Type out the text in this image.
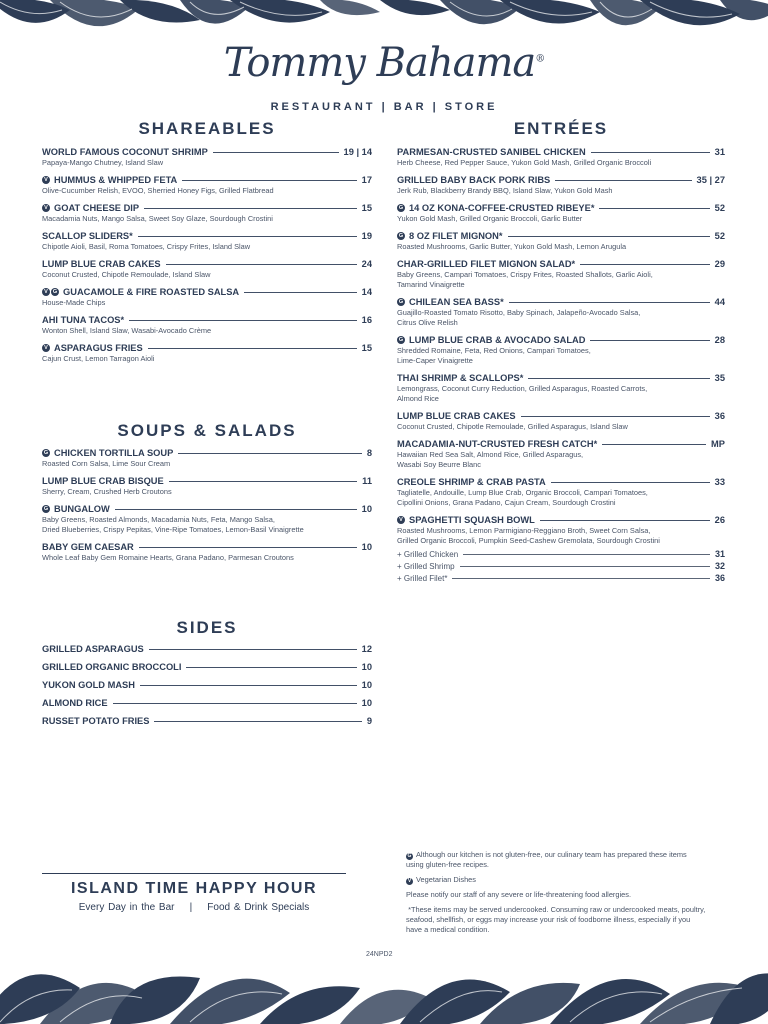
Tommy Bahama®
RESTAURANT | BAR | STORE
SHAREABLES
WORLD FAMOUS COCONUT SHRIMP	19 | 14
Papaya-Mango Chutney, Island Slaw
V HUMMUS & WHIPPED FETA	17
Olive-Cucumber Relish, EVOO, Sherried Honey Figs, Grilled Flatbread
V GOAT CHEESE DIP	15
Macadamia Nuts, Mango Salsa, Sweet Soy Glaze, Sourdough Crostini
SCALLOP SLIDERS*	19
Chipotle Aioli, Basil, Roma Tomatoes, Crispy Frites, Island Slaw
LUMP BLUE CRAB CAKES	24
Coconut Crusted, Chipotle Remoulade, Island Slaw
V G GUACAMOLE & FIRE ROASTED SALSA	14
House-Made Chips
AHI TUNA TACOS*	16
Wonton Shell, Island Slaw, Wasabi-Avocado Crème
V ASPARAGUS FRIES	15
Cajun Crust, Lemon Tarragon Aioli
SOUPS & SALADS
G CHICKEN TORTILLA SOUP	8
Roasted Corn Salsa, Lime Sour Cream
LUMP BLUE CRAB BISQUE	11
Sherry, Cream, Crushed Herb Croutons
G BUNGALOW	10
Baby Greens, Roasted Almonds, Macadamia Nuts, Feta, Mango Salsa,
Dried Blueberries, Crispy Pepitas, Vine-Ripe Tomatoes, Lemon-Basil Vinaigrette
BABY GEM CAESAR	10
Whole Leaf Baby Gem Romaine Hearts, Grana Padano, Parmesan Croutons
SIDES
GRILLED ASPARAGUS	12
GRILLED ORGANIC BROCCOLI	10
YUKON GOLD MASH	10
ALMOND RICE	10
RUSSET POTATO FRIES	9
ENTRÉES
PARMESAN-CRUSTED SANIBEL CHICKEN	31
Herb Cheese, Red Pepper Sauce, Yukon Gold Mash, Grilled Organic Broccoli
GRILLED BABY BACK PORK RIBS	35 | 27
Jerk Rub, Blackberry Brandy BBQ, Island Slaw, Yukon Gold Mash
G 14 OZ KONA-COFFEE-CRUSTED RIBEYE*	52
Yukon Gold Mash, Grilled Organic Broccoli, Garlic Butter
G 8 OZ FILET MIGNON*	52
Roasted Mushrooms, Garlic Butter, Yukon Gold Mash, Lemon Arugula
CHAR-GRILLED FILET MIGNON SALAD*	29
Baby Greens, Campari Tomatoes, Crispy Frites, Roasted Shallots, Garlic Aioli,
Tamarind Vinaigrette
G CHILEAN SEA BASS*	44
Guajillo-Roasted Tomato Risotto, Baby Spinach, Jalapeño-Avocado Salsa,
Citrus Olive Relish
G LUMP BLUE CRAB & AVOCADO SALAD	28
Shredded Romaine, Feta, Red Onions, Campari Tomatoes,
Lime-Caper Vinaigrette
THAI SHRIMP & SCALLOPS*	35
Lemongrass, Coconut Curry Reduction, Grilled Asparagus, Roasted Carrots,
Almond Rice
LUMP BLUE CRAB CAKES	36
Coconut Crusted, Chipotle Remoulade, Grilled Asparagus, Island Slaw
MACADAMIA-NUT-CRUSTED FRESH CATCH*	MP
Hawaiian Red Sea Salt, Almond Rice, Grilled Asparagus,
Wasabi Soy Beurre Blanc
CREOLE SHRIMP & CRAB PASTA	33
Tagliatelle, Andouille, Lump Blue Crab, Organic Broccoli, Campari Tomatoes,
Cipollini Onions, Grana Padano, Cajun Cream, Sourdough Crostini
V SPAGHETTI SQUASH BOWL	26
Roasted Mushrooms, Lemon Parmigiano-Reggiano Broth, Sweet Corn Salsa,
Grilled Organic Broccoli, Pumpkin Seed-Cashew Gremolata, Sourdough Crostini
+ Grilled Chicken	31
+ Grilled Shrimp	32
+ Grilled Filet*	36
ISLAND TIME HAPPY HOUR
Every Day in the Bar    |    Food & Drink Specials
G Although our kitchen is not gluten-free, our culinary team has prepared these items using gluten-free recipes.
V Vegetarian Dishes
Please notify our staff of any severe or life-threatening food allergies.
*These items may be served undercooked. Consuming raw or undercooked meats, poultry, seafood, shellfish, or eggs may increase your risk of foodborne illness, especially if you have a medical condition.
24NPD2
